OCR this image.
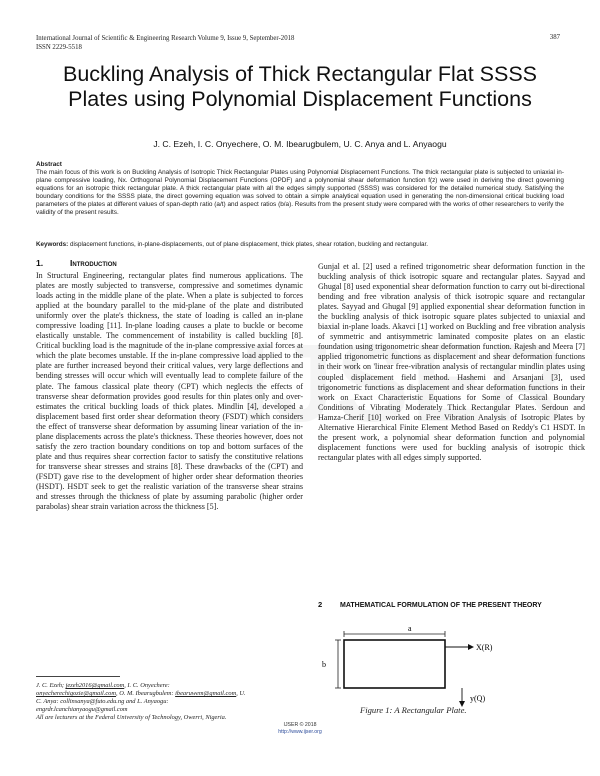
International Journal of Scientific & Engineering Research Volume 9, Issue 9, September-2018
ISSN 2229-5518
387
Buckling Analysis of Thick Rectangular Flat SSSS Plates using Polynomial Displacement Functions
J. C. Ezeh, I. C. Onyechere, O. M. Ibearugbulem, U. C. Anya and L. Anyaogu
Abstract
The main focus of this work is on Buckling Analysis of Isotropic Thick Rectangular Plates using Polynomial Displacement Functions. The thick rectangular plate is subjected to uniaxial in-plane compressive loading, Nx. Orthogonal Polynomial Displacement Functions (OPDF) and a polynomial shear deformation function f(z) were used in deriving the direct governing equations for an isotropic thick rectangular plate. A thick rectangular plate with all the edges simply supported (SSSS) was considered for the detailed numerical study. Satisfying the boundary conditions for the SSSS plate, the direct governing equation was solved to obtain a simple analytical equation used in generating the non-dimensional critical buckling load parameters of the plates at different values of span-depth ratio (a/t) and aspect ratios (b/a). Results from the present study were compared with the works of other researchers to verify the validity of the present results.
Keywords: displacement functions, in-plane-displacements, out of plane displacement, thick plates, shear rotation, buckling and rectangular.
1.	Introduction
In Structural Engineering, rectangular plates find numerous applications. The plates are mostly subjected to transverse, compressive and sometimes dynamic loads acting in the middle plane of the plate. When a plate is subjected to forces applied at the boundary parallel to the mid-plane of the plate and distributed uniformly over the plate's thickness, the state of loading is called an in-plane compressive loading [11]. In-plane loading causes a plate to buckle or become elastically unstable. The commencement of instability is called buckling [8]. Critical buckling load is the magnitude of the in-plane compressive axial forces at which the plate becomes unstable. If the in-plane compressive load applied to the plate are further increased beyond their critical values, very large deflections and bending stresses will occur which will eventually lead to complete failure of the plate. The famous classical plate theory (CPT) which neglects the effects of transverse shear deformation provides good results for thin plates only and over-estimates the critical buckling loads of thick plates. Mindlin [4], developed a displacement based first order shear deformation theory (FSDT) which considers the effect of transverse shear deformation by assuming linear variation of the in-plane displacements across the plate's thickness. These theories however, does not satisfy the zero traction boundary conditions on top and bottom surfaces of the plate and thus requires shear correction factor to satisfy the constitutive relations for transverse shear stresses and strains [8]. These drawbacks of the (CPT) and (FSDT) gave rise to the development of higher order shear deformation theories (HSDT). HSDT seek to get the realistic variation of the transverse shear strains and stresses through the thickness of plate by assuming parabolic (higher order parabolas) shear strain variation across the thickness [5].
Gunjal et al. [2] used a refined trigonometric shear deformation function in the buckling analysis of thick isotropic square and rectangular plates. Sayyad and Ghugal [8] used exponential shear deformation function to carry out bi-directional bending and free vibration analysis of thick isotropic square and rectangular plates. Sayyad and Ghugal [9] applied exponential shear deformation function in the buckling analysis of thick isotropic square plates subjected to uniaxial and biaxial in-plane loads. Akavci [1] worked on Buckling and free vibration analysis of symmetric and antisymmetric laminated composite plates on an elastic foundation using trigonometric shear deformation function. Rajesh and Meera [7] applied trigonometric functions as displacement and shear deformation functions in their work on 'linear free-vibration analysis of rectangular mindlin plates using coupled displacement field method. Hashemi and Arsanjani [3], used trigonometric functions as displacement and shear deformation functions in their work on Exact Characteristic Equations for Some of Classical Boundary Conditions of Vibrating Moderately Thick Rectangular Plates. Serdoun and Hamza-Cherif [10] worked on Free Vibration Analysis of Isotropic Plates by Alternative Hierarchical Finite Element Method Based on Reddy's C1 HSDT. In the present work, a polynomial shear deformation function and polynomial displacement functions were used for buckling analysis of isotropic thick rectangular plates with all edges simply supported.
2	MATHEMATICAL FORMULATION OF THE PRESENT THEORY
a
b
X(R)
y(Q)
Figure 1: A Rectangular Plate.
J. C. Ezeh; jezeh2016@gmail.com, I. C. Onyechere:
onyecherechigozie@gmail.com, O. M. Ibearugbulem: ibearuwem@gmail.com, U.
C. Anya: collinsanya@futo.edu.ng and L. Anyaogu:
engrdr.lcanchianyaogu@gmail.com
All are lecturers at the Federal University of Technology, Owerri, Nigeria.
IJSER © 2018
http://www.ijser.org
